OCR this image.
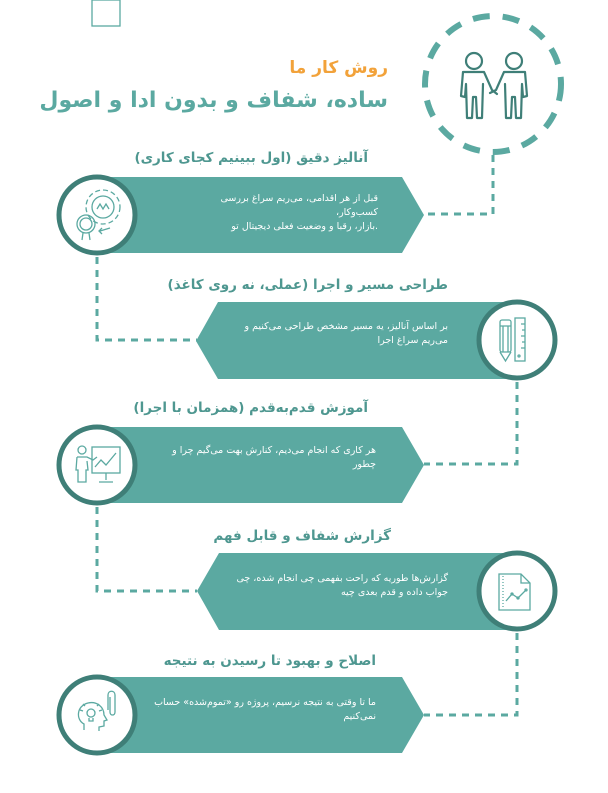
روش کار ما
ساده، شفاف و بدون ادا و اصول
آنالیز دقیق (اول ببینیم کجای کاری)
قبل از هر اقدامی، می‌ریم سراغ بررسی کسب‌وکار،
.بازار، رقبا و وضعیت فعلی دیجیتال تو
طراحی مسیر و اجرا (عملی، نه روی کاغذ)
بر اساس آنالیز، یه مسیر مشخص طراحی می‌کنیم و
می‌ریم سراغ اجرا
آموزش قدم‌به‌قدم (همزمان با اجرا)
هر کاری که انجام می‌دیم، کنارش بهت می‌گیم چرا و
چطور
گزارش شفاف و قابل فهم
گزارش‌ها طوریه که راحت بفهمی چی انجام شده، چی
جواب داده و قدم بعدی چیه
اصلاح و بهبود تا رسیدن به نتیجه
ما تا وقتی به نتیجه نرسیم، پروژه رو «تموم‌شده» حساب
نمی‌کنیم
